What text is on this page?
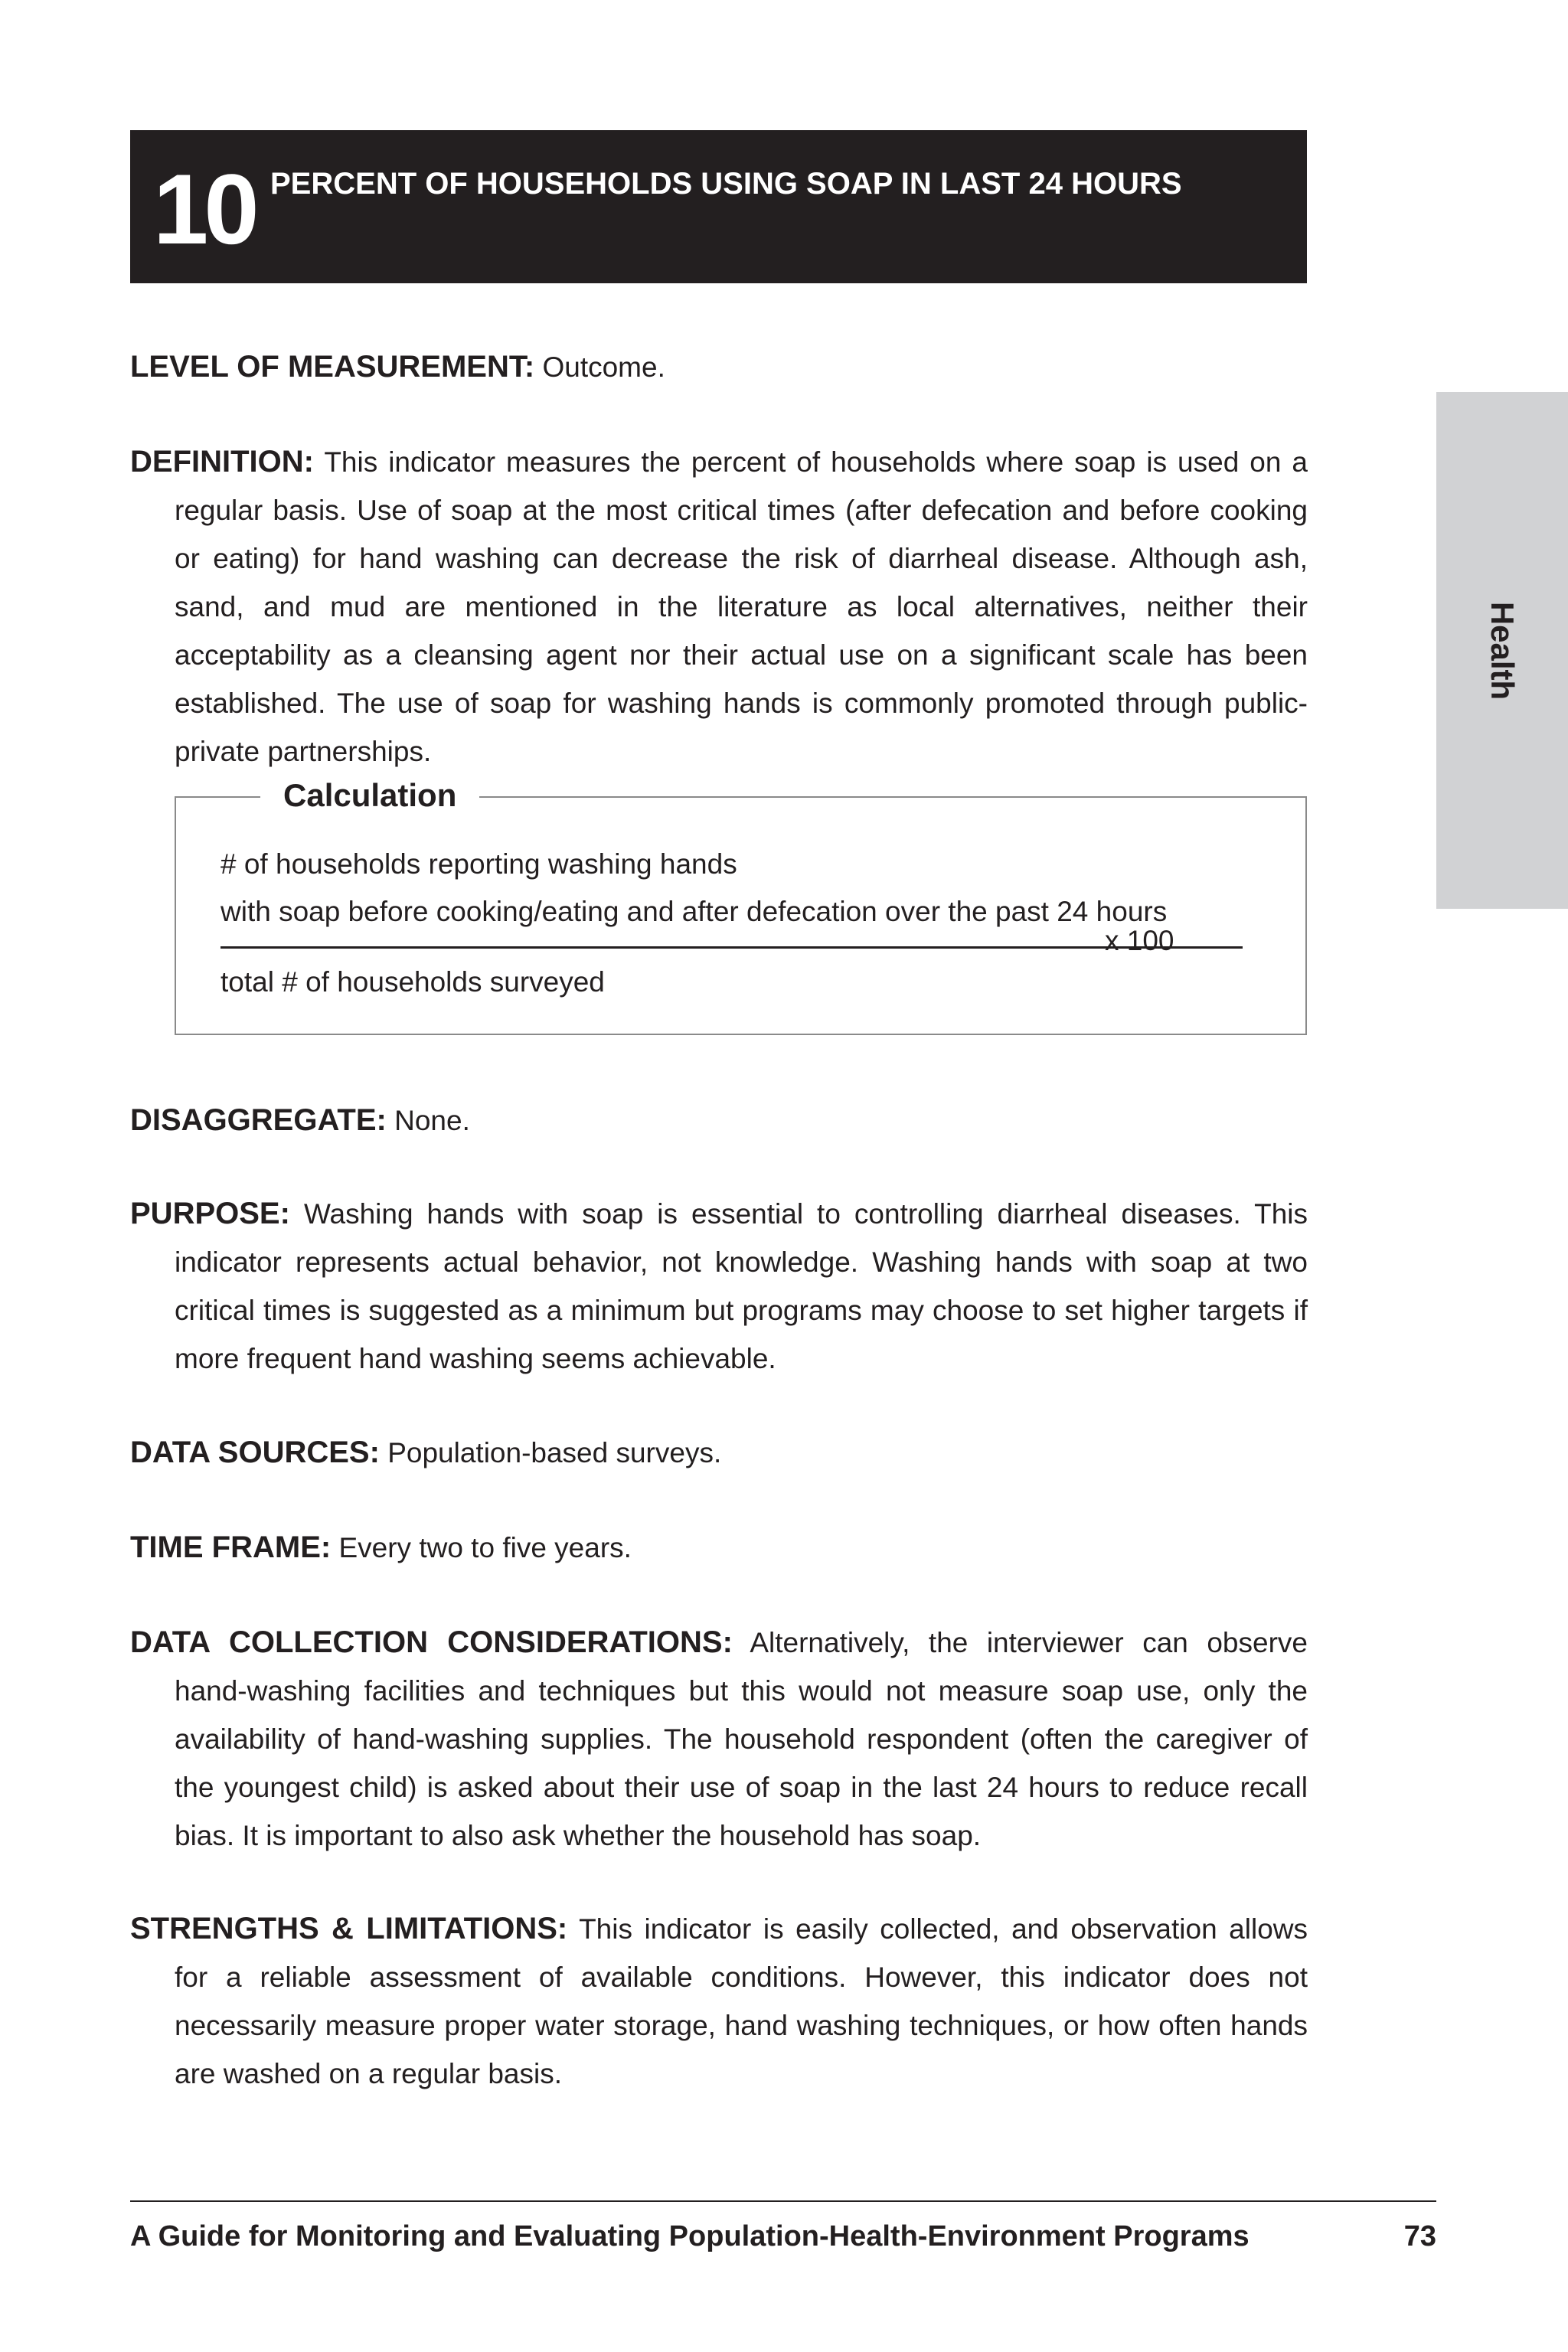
10 PERCENT OF HOUSEHOLDS USING SOAP IN LAST 24 HOURS
Health

LEVEL OF MEASUREMENT: Outcome.

DEFINITION: This indicator measures the percent of households where soap is used on a regular basis. Use of soap at the most critical times (after defecation and before cooking or eating) for hand washing can decrease the risk of diarrheal disease. Although ash, sand, and mud are mentioned in the literature as local alternatives, neither their acceptability as a cleansing agent nor their actual use on a significant scale has been established. The use of soap for washing hands is commonly promoted through public-private partnerships.

Calculation
# of households reporting washing hands
with soap before cooking/eating and after defecation over the past 24 hours
total # of households surveyed
x 100

DISAGGREGATE: None.

PURPOSE: Washing hands with soap is essential to controlling diarrheal diseases. This indicator represents actual behavior, not knowledge. Washing hands with soap at two critical times is suggested as a minimum but programs may choose to set higher targets if more frequent hand washing seems achievable.

DATA SOURCES: Population-based surveys.

TIME FRAME: Every two to five years.

DATA COLLECTION CONSIDERATIONS: Alternatively, the interviewer can observe hand-washing facilities and techniques but this would not measure soap use, only the availability of hand-washing supplies. The household respondent (often the caregiver of the youngest child) is asked about their use of soap in the last 24 hours to reduce recall bias. It is important to also ask whether the household has soap.

STRENGTHS & LIMITATIONS: This indicator is easily collected, and observation allows for a reliable assessment of available conditions. However, this indicator does not necessarily measure proper water storage, hand washing techniques, or how often hands are washed on a regular basis.

A Guide for Monitoring and Evaluating Population-Health-Environment Programs	73
